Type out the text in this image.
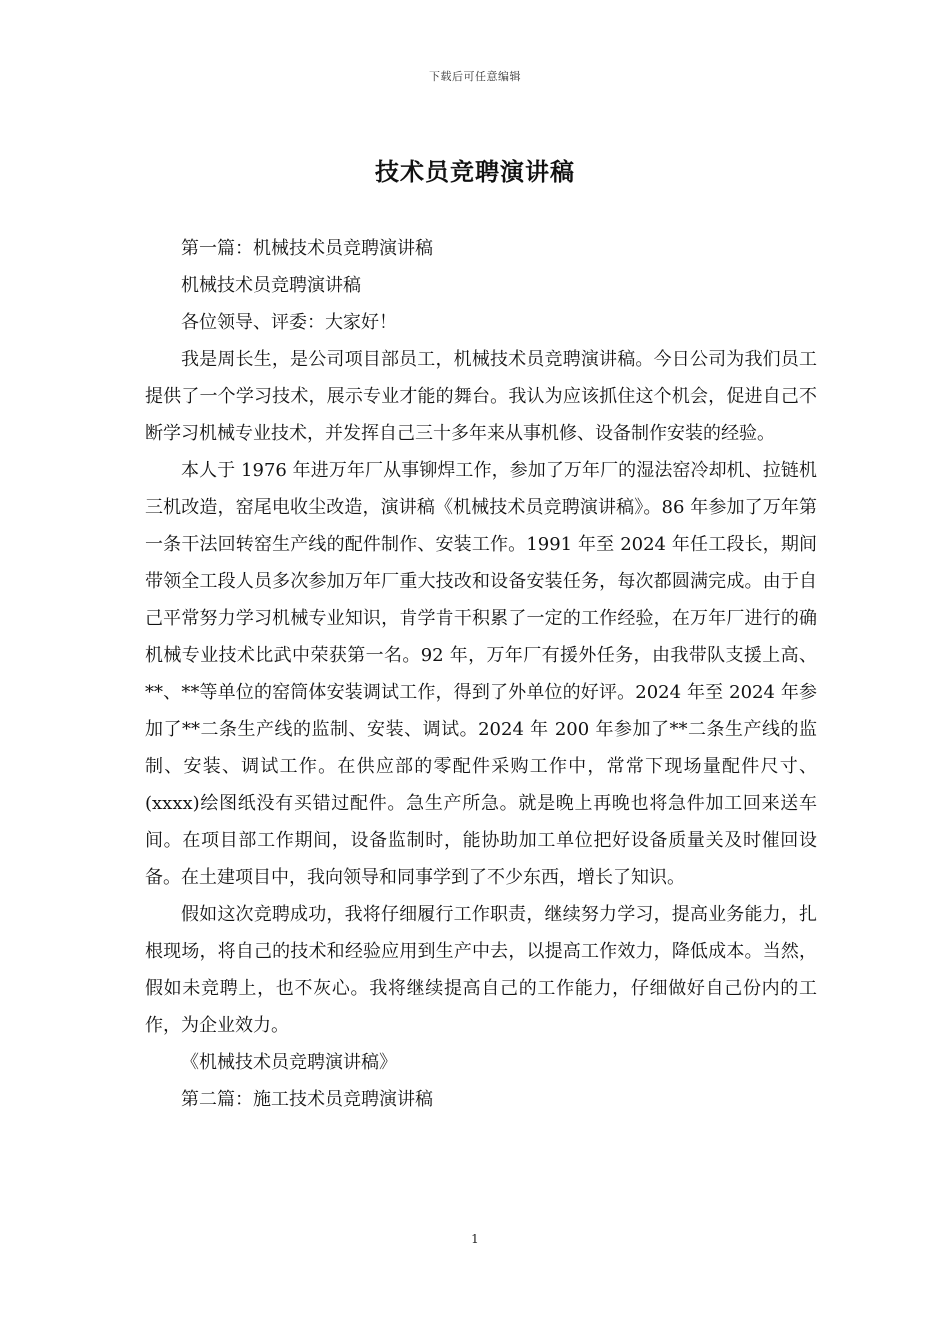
下载后可任意编辑
技术员竞聘演讲稿

第一篇：机械技术员竞聘演讲稿

机械技术员竞聘演讲稿

各位领导、评委：大家好！

我是周长生，是公司项目部员工，机械技术员竞聘演讲稿。今日公司为我们员工提供了一个学习技术，展示专业才能的舞台。我认为应该抓住这个机会，促进自己不断学习机械专业技术，并发挥自己三十多年来从事机修、设备制作安装的经验。

本人于 1976 年进万年厂从事铆焊工作，参加了万年厂的湿法窑冷却机、拉链机三机改造，窑尾电收尘改造，演讲稿《机械技术员竞聘演讲稿》。86 年参加了万年第一条干法回转窑生产线的配件制作、安装工作。1991 年至 2024 年任工段长，期间带领全工段人员多次参加万年厂重大技改和设备安装任务，每次都圆满完成。由于自己平常努力学习机械专业知识，肯学肯干积累了一定的工作经验，在万年厂进行的确机械专业技术比武中荣获第一名。92 年，万年厂有援外任务，由我带队支援上高、**、**等单位的窑筒体安装调试工作，得到了外单位的好评。2024 年至 2024 年参加了**二条生产线的监制、安装、调试。2024 年 200 年参加了**二条生产线的监制、安装、调试工作。在供应部的零配件采购工作中，常常下现场量配件尺寸、(xxxx)绘图纸没有买错过配件。急生产所急。就是晚上再晚也将急件加工回来送车间。在项目部工作期间，设备监制时，能协助加工单位把好设备质量关及时催回设备。在土建项目中，我向领导和同事学到了不少东西，增长了知识。

假如这次竞聘成功，我将仔细履行工作职责，继续努力学习，提高业务能力，扎根现场，将自己的技术和经验应用到生产中去，以提高工作效力，降低成本。当然，假如未竞聘上，也不灰心。我将继续提高自己的工作能力，仔细做好自己份内的工作，为企业效力。

《机械技术员竞聘演讲稿》

第二篇：施工技术员竞聘演讲稿

1
